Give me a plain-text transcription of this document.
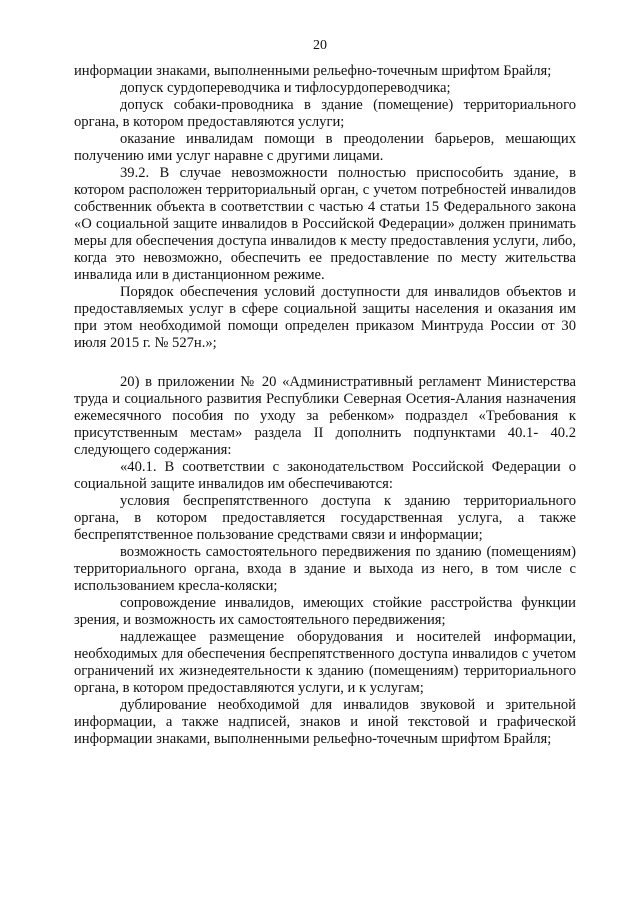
20

информации знаками, выполненными рельефно-точечным шрифтом Брайля;

допуск сурдопереводчика и тифлосурдопереводчика;

допуск собаки-проводника в здание (помещение) территориального органа, в котором предоставляются услуги;

оказание инвалидам помощи в преодолении барьеров, мешающих получению ими услуг наравне с другими лицами.

39.2. В случае невозможности полностью приспособить здание, в котором расположен территориальный орган, с учетом потребностей инвалидов собственник объекта в соответствии с частью 4 статьи 15 Федерального закона «О социальной защите инвалидов в Российской Федерации» должен принимать меры для обеспечения доступа инвалидов к месту предоставления услуги, либо, когда это невозможно, обеспечить ее предоставление по месту жительства инвалида или в дистанционном режиме.

Порядок обеспечения условий доступности для инвалидов объектов и предоставляемых услуг в сфере социальной защиты населения и оказания им при этом необходимой помощи определен приказом Минтруда России от 30 июля 2015 г. № 527н.»;

20) в приложении № 20 «Административный регламент Министерства труда и социального развития Республики Северная Осетия-Алания назначения ежемесячного пособия по уходу за ребенком» подраздел «Требования к присутственным местам» раздела II дополнить подпунктами 40.1- 40.2 следующего содержания:

«40.1. В соответствии с законодательством Российской Федерации о социальной защите инвалидов им обеспечиваются:

условия беспрепятственного доступа к зданию территориального органа, в котором предоставляется государственная услуга, а также беспрепятственное пользование средствами связи и информации;

возможность самостоятельного передвижения по зданию (помещениям) территориального органа, входа в здание и выхода из него, в том числе с использованием кресла-коляски;

сопровождение инвалидов, имеющих стойкие расстройства функции зрения, и возможность их самостоятельного передвижения;

надлежащее размещение оборудования и носителей информации, необходимых для обеспечения беспрепятственного доступа инвалидов с учетом ограничений их жизнедеятельности к зданию (помещениям) территориального органа, в котором предоставляются услуги, и к услугам;

дублирование необходимой для инвалидов звуковой и зрительной информации, а также надписей, знаков и иной текстовой и графической информации знаками, выполненными рельефно-точечным шрифтом Брайля;
